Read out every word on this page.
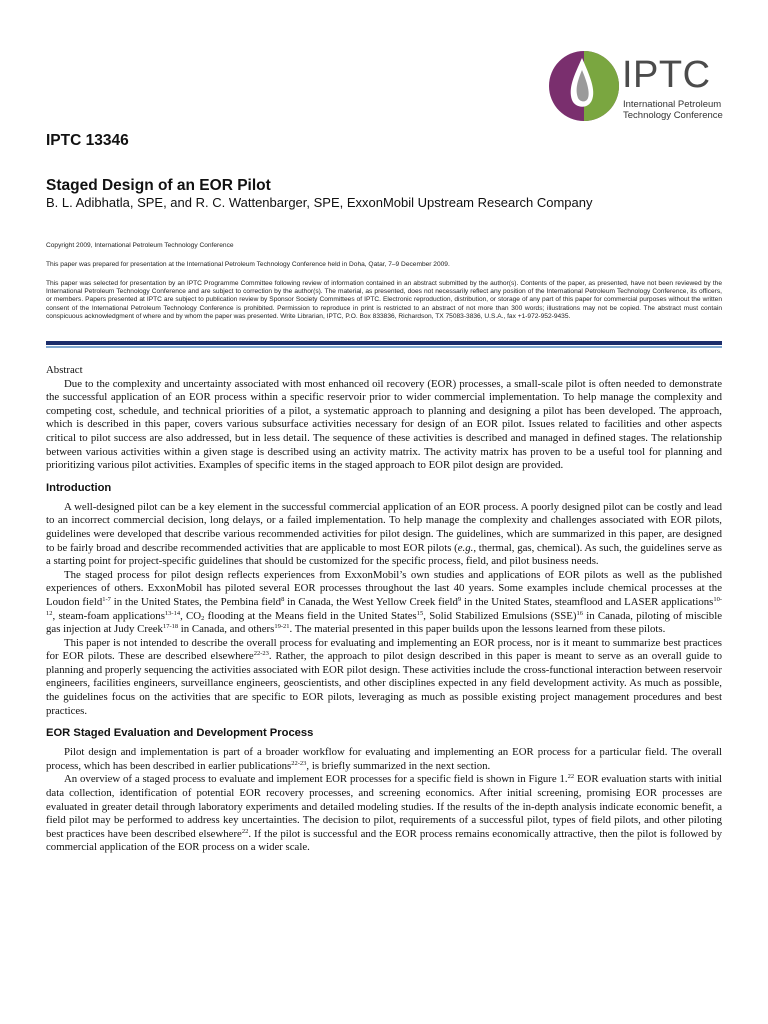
IPTC
International Petroleum
Technology Conference
IPTC 13346
Staged Design of an EOR Pilot
B. L. Adibhatla, SPE, and R. C. Wattenbarger, SPE, ExxonMobil Upstream Research Company
Copyright 2009, International Petroleum Technology Conference
This paper was prepared for presentation at the International Petroleum Technology Conference held in Doha, Qatar, 7–9 December 2009.
This paper was selected for presentation by an IPTC Programme Committee following review of information contained in an abstract submitted by the author(s). Contents of the paper, as presented, have not been reviewed by the International Petroleum Technology Conference and are subject to correction by the author(s). The material, as presented, does not necessarily reflect any position of the International Petroleum Technology Conference, its officers, or members. Papers presented at IPTC are subject to publication review by Sponsor Society Committees of IPTC. Electronic reproduction, distribution, or storage of any part of this paper for commercial purposes without the written consent of the International Petroleum Technology Conference is prohibited. Permission to reproduce in print is restricted to an abstract of not more than 300 words; illustrations may not be copied. The abstract must contain conspicuous acknowledgment of where and by whom the paper was presented. Write Librarian, IPTC, P.O. Box 833836, Richardson, TX 75083-3836, U.S.A., fax +1-972-952-9435.

Abstract

Due to the complexity and uncertainty associated with most enhanced oil recovery (EOR) processes, a small-scale pilot is often needed to demonstrate the successful application of an EOR process within a specific reservoir prior to wider commercial implementation. To help manage the complexity and competing cost, schedule, and technical priorities of a pilot, a systematic approach to planning and designing a pilot has been developed. The approach, which is described in this paper, covers various subsurface activities necessary for design of an EOR pilot. Issues related to facilities and other aspects critical to pilot success are also addressed, but in less detail. The sequence of these activities is described and managed in defined stages. The relationship between various activities within a given stage is described using an activity matrix. The activity matrix has proven to be a useful tool for planning and prioritizing various pilot activities. Examples of specific items in the staged approach to EOR pilot design are provided.

Introduction

A well-designed pilot can be a key element in the successful commercial application of an EOR process. A poorly designed pilot can be costly and lead to an incorrect commercial decision, long delays, or a failed implementation. To help manage the complexity and challenges associated with EOR pilots, guidelines were developed that describe various recommended activities for pilot design. The guidelines, which are summarized in this paper, are designed to be fairly broad and describe recommended activities that are applicable to most EOR pilots (e.g., thermal, gas, chemical). As such, the guidelines serve as a starting point for project-specific guidelines that should be customized for the specific process, field, and pilot business needs.

The staged process for pilot design reflects experiences from ExxonMobil’s own studies and applications of EOR pilots as well as the published experiences of others. ExxonMobil has piloted several EOR processes throughout the last 40 years. Some examples include chemical processes at the Loudon field$^{1-7}$ in the United States, the Pembina field$^8$ in Canada, the West Yellow Creek field$^9$ in the United States, steamflood and LASER applications$^{10-12}$, steam-foam applications$^{13-14}$, $CO_2$ flooding at the Means field in the United States$^{15}$, Solid Stabilized Emulsions (SSE)$^{16}$ in Canada, piloting of miscible gas injection at Judy Creek$^{17-18}$ in Canada, and others$^{19-21}$. The material presented in this paper builds upon the lessons learned from these pilots.

This paper is not intended to describe the overall process for evaluating and implementing an EOR process, nor is it meant to summarize best practices for EOR pilots. These are described elsewhere$^{22-23}$. Rather, the approach to pilot design described in this paper is meant to serve as an overall guide to planning and properly sequencing the activities associated with EOR pilot design. These activities include the cross-functional interaction between reservoir engineers, facilities engineers, surveillance engineers, geoscientists, and other disciplines expected in any field development activity. As much as possible, the guidelines focus on the activities that are specific to EOR pilots, leveraging as much as possible existing project management procedures and best practices.

EOR Staged Evaluation and Development Process

Pilot design and implementation is part of a broader workflow for evaluating and implementing an EOR process for a particular field. The overall process, which has been described in earlier publications$^{22-23}$, is briefly summarized in the next section.

An overview of a staged process to evaluate and implement EOR processes for a specific field is shown in Figure 1.22 EOR evaluation starts with initial data collection, identification of potential EOR recovery processes, and screening economics. After initial screening, promising EOR processes are evaluated in greater detail through laboratory experiments and detailed modeling studies. If the results of the in-depth analysis indicate economic benefit, a field pilot may be performed to address key uncertainties. The decision to pilot, requirements of a successful pilot, types of field pilots, and other piloting best practices have been described elsewhere$^{22}$. If the pilot is successful and the EOR process remains economically attractive, then the pilot is followed by commercial application of the EOR process on a wider scale.
